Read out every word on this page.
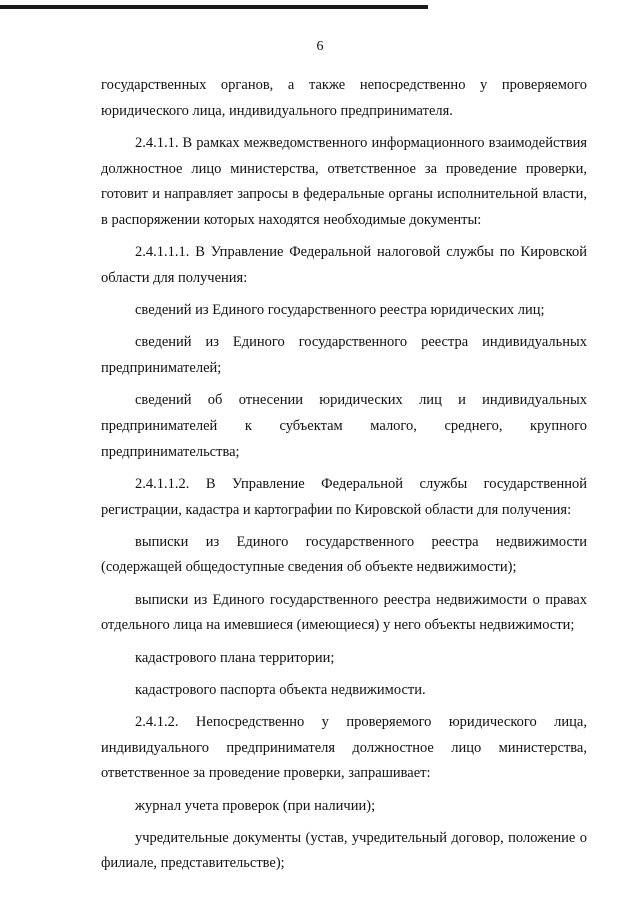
6

государственных органов, а также непосредственно у проверяемого юридического лица, индивидуального предпринимателя.

2.4.1.1. В рамках межведомственного информационного взаимодействия должностное лицо министерства, ответственное за проведение проверки, готовит и направляет запросы в федеральные органы исполнительной власти, в распоряжении которых находятся необходимые документы:

2.4.1.1.1. В Управление Федеральной налоговой службы по Кировской области для получения:

сведений из Единого государственного реестра юридических лиц;

сведений из Единого государственного реестра индивидуальных предпринимателей;

сведений об отнесении юридических лиц и индивидуальных предпринимателей к субъектам малого, среднего, крупного предпринимательства;

2.4.1.1.2. В Управление Федеральной службы государственной регистрации, кадастра и картографии по Кировской области для получения:

выписки из Единого государственного реестра недвижимости (содержащей общедоступные сведения об объекте недвижимости);

выписки из Единого государственного реестра недвижимости о правах отдельного лица на имевшиеся (имеющиеся) у него объекты недвижимости;

кадастрового плана территории;

кадастрового паспорта объекта недвижимости.

2.4.1.2. Непосредственно у проверяемого юридического лица, индивидуального предпринимателя должностное лицо министерства, ответственное за проведение проверки, запрашивает:

журнал учета проверок (при наличии);

учредительные документы (устав, учредительный договор, положение о филиале, представительстве);
